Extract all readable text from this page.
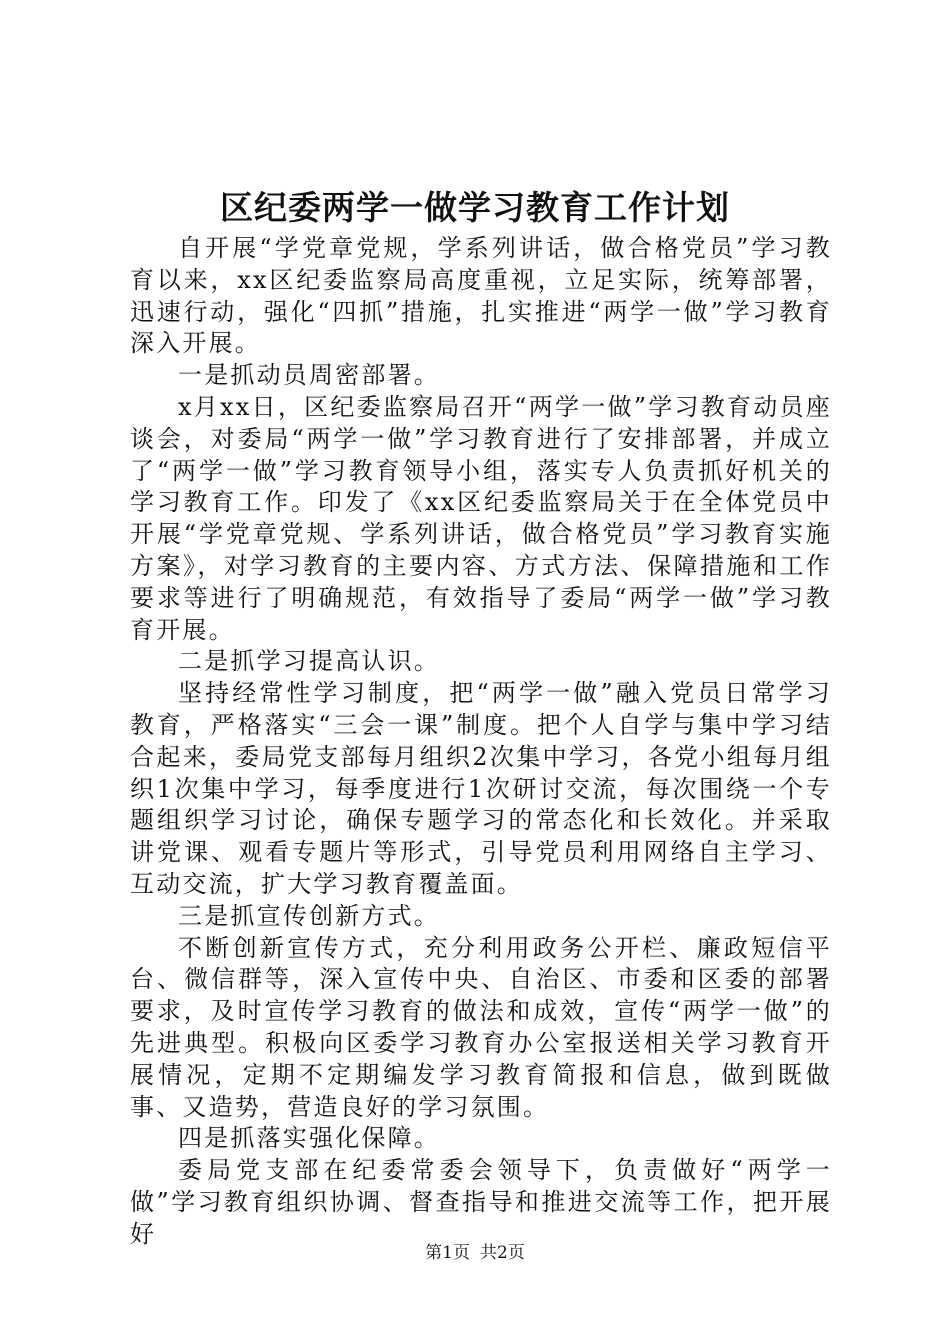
区纪委两学一做学习教育工作计划

自开展“学党章党规，学系列讲话，做合格党员”学习教育以来，xx区纪委监察局高度重视，立足实际，统筹部署，迅速行动，强化“四抓”措施，扎实推进“两学一做”学习教育深入开展。

一是抓动员周密部署。

x月xx日，区纪委监察局召开“两学一做”学习教育动员座谈会，对委局“两学一做”学习教育进行了安排部署，并成立了“两学一做”学习教育领导小组，落实专人负责抓好机关的学习教育工作。印发了《xx区纪委监察局关于在全体党员中开展“学党章党规、学系列讲话，做合格党员”学习教育实施方案》，对学习教育的主要内容、方式方法、保障措施和工作要求等进行了明确规范，有效指导了委局“两学一做”学习教育开展。

二是抓学习提高认识。

坚持经常性学习制度，把“两学一做”融入党员日常学习教育，严格落实“三会一课”制度。把个人自学与集中学习结合起来，委局党支部每月组织2次集中学习，各党小组每月组织1次集中学习，每季度进行1次研讨交流，每次围绕一个专题组织学习讨论，确保专题学习的常态化和长效化。并采取讲党课、观看专题片等形式，引导党员利用网络自主学习、互动交流，扩大学习教育覆盖面。

三是抓宣传创新方式。

不断创新宣传方式，充分利用政务公开栏、廉政短信平台、微信群等，深入宣传中央、自治区、市委和区委的部署要求，及时宣传学习教育的做法和成效，宣传“两学一做”的先进典型。积极向区委学习教育办公室报送相关学习教育开展情况，定期不定期编发学习教育简报和信息，做到既做事、又造势，营造良好的学习氛围。

四是抓落实强化保障。

委局党支部在纪委常委会领导下，负责做好“两学一做”学习教育组织协调、督查指导和推进交流等工作，把开展好

第1页 共2页
